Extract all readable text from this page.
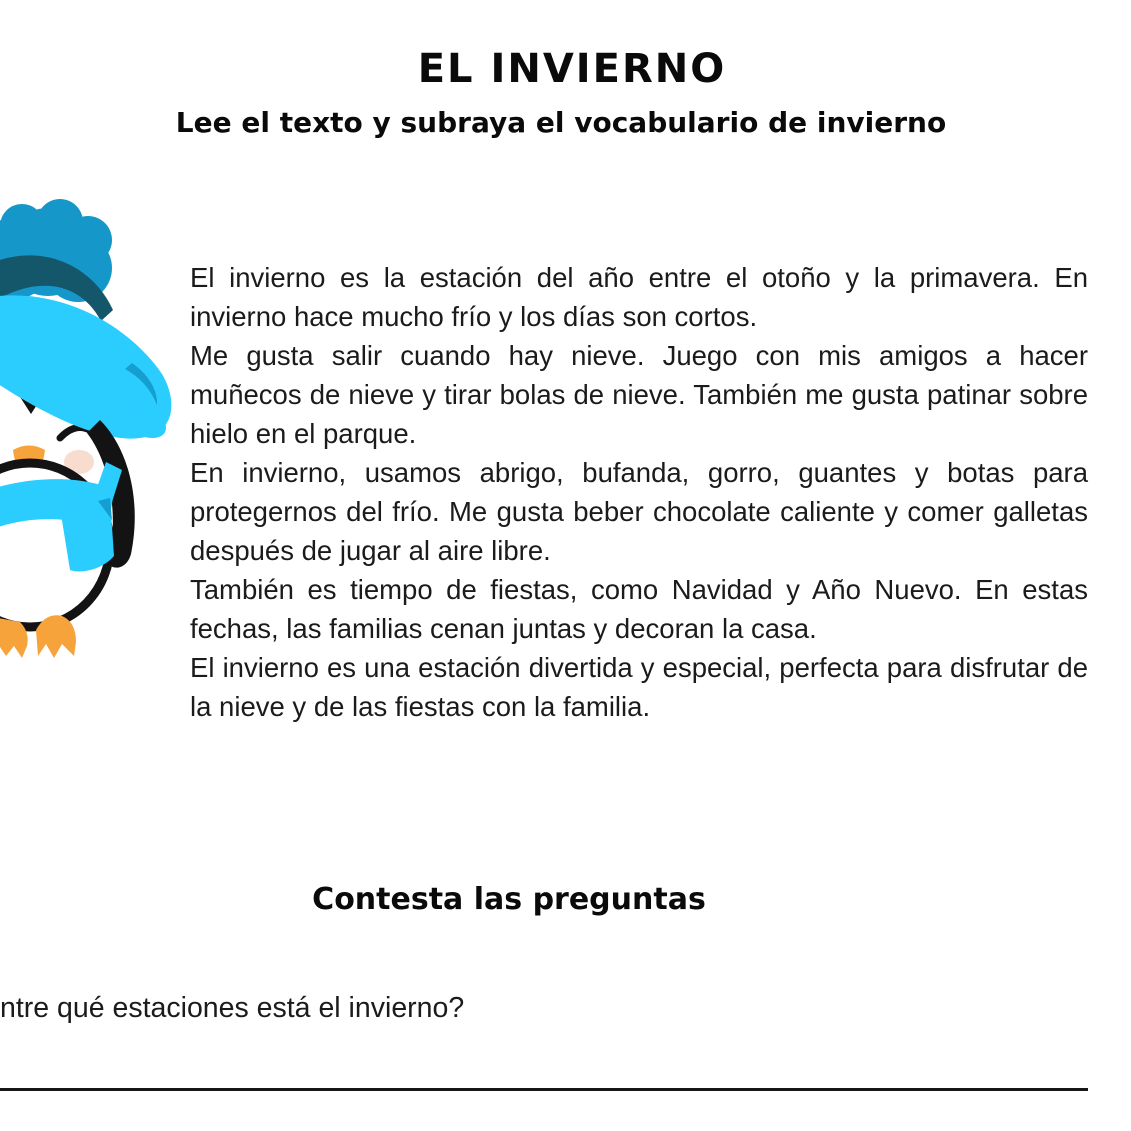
EL INVIERNO
Lee el texto y subraya el vocabulario de invierno

El invierno es la estación del año entre el otoño y la primavera. En invierno hace mucho frío y los días son cortos.

Me gusta salir cuando hay nieve. Juego con mis amigos a hacer muñecos de nieve y tirar bolas de nieve. También me gusta patinar sobre hielo en el parque.

En invierno, usamos abrigo, bufanda, gorro, guantes y botas para protegernos del frío. Me gusta beber chocolate caliente y comer galletas después de jugar al aire libre.

También es tiempo de fiestas, como Navidad y Año Nuevo. En estas fechas, las familias cenan juntas y decoran la casa.

El invierno es una estación divertida y especial, perfecta para disfrutar de la nieve y de las fiestas con la familia.

Contesta las preguntas
ntre qué estaciones está el invierno?
